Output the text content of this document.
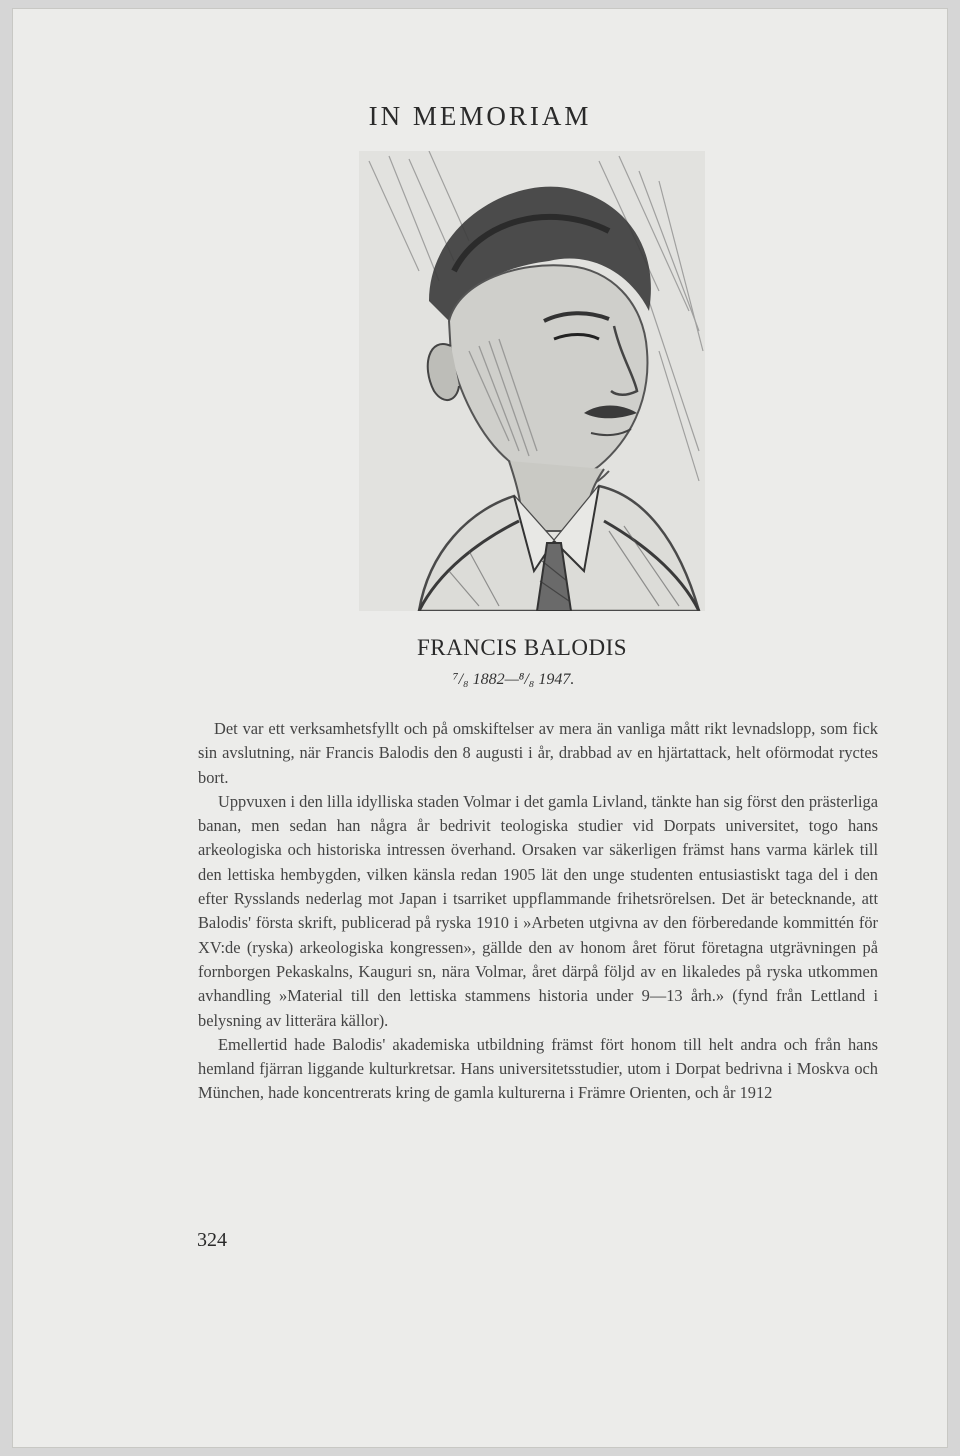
IN MEMORIAM
FRANCIS BALODIS
⁷/₈ 1882—⁸/₈ 1947.

Det var ett verksamhetsfyllt och på omskiftelser av mera än vanliga mått rikt levnadslopp, som fick sin avslutning, när Francis Balodis den 8 augusti i år, drabbad av en hjärtattack, helt oförmodat ryctes bort.

Uppvuxen i den lilla idylliska staden Volmar i det gamla Livland, tänkte han sig först den prästerliga banan, men sedan han några år bedrivit teologiska studier vid Dorpats universitet, togo hans arkeologiska och historiska intressen överhand. Orsaken var säkerligen främst hans varma kärlek till den lettiska hembygden, vilken känsla redan 1905 lät den unge studenten entusiastiskt taga del i den efter Rysslands nederlag mot Japan i tsarriket uppflammande frihetsrörelsen. Det är betecknande, att Balodis' första skrift, publicerad på ryska 1910 i »Arbeten utgivna av den förberedande kommittén för XV:de (ryska) arkeologiska kongressen», gällde den av honom året förut företagna utgrävningen på fornborgen Pekaskalns, Kauguri sn, nära Volmar, året därpå följd av en likaledes på ryska utkommen avhandling »Material till den lettiska stammens historia under 9—13 årh.» (fynd från Lettland i belysning av litterära källor).

Emellertid hade Balodis' akademiska utbildning främst fört honom till helt andra och från hans hemland fjärran liggande kulturkretsar. Hans universitetsstudier, utom i Dorpat bedrivna i Moskva och München, hade koncentrerats kring de gamla kulturerna i Främre Orienten, och år 1912

324
